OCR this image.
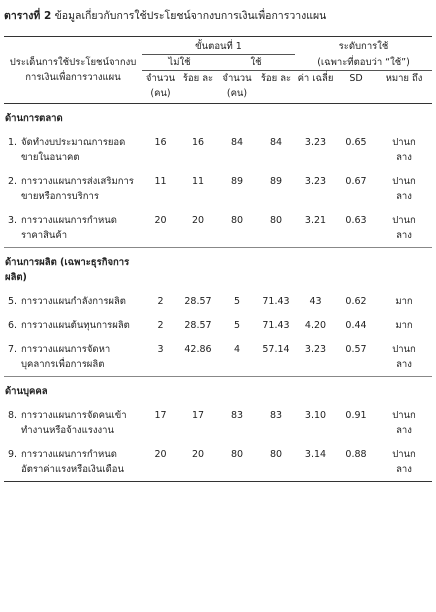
ตารางที่ 2 ข้อมูลเกี่ยวกับการใช้ประโยชน์จากงบการเงินเพื่อการวางแผน

ประเด็นการใช้ประโยชน์จากงบการเงินเพื่อการวางแผน	ขั้นตอนที่ 1				ระดับการใช้		
	ไม่ใช้		ใช้		(เฉพาะที่ตอบว่า “ใช้”)		
	จำนวน (คน)	ร้อย ละ	จำนวน (คน)	ร้อย ละ	ค่า เฉลี่ย	SD	หมาย ถึง

ด้านการตลาด							
1. จัดทำงบประมาณการยอดขายในอนาคต	16	16	84	84	3.23	0.65	ปานกลาง
2. การวางแผนการส่งเสริมการขายหรือการบริการ	11	11	89	89	3.23	0.67	ปานกลาง
3. การวางแผนการกำหนดราคาสินค้า	20	20	80	80	3.21	0.63	ปานกลาง

ด้านการผลิต (เฉพาะธุรกิจการผลิต)							
5. การวางแผนกำลังการผลิต	2	28.57	5	71.43	43	0.62	มาก
6. การวางแผนต้นทุนการผลิต	2	28.57	5	71.43	4.20	0.44	มาก
7. การวางแผนการจัดหาบุคลากรเพื่อการผลิต	3	42.86	4	57.14	3.23	0.57	ปานกลาง

ด้านบุคคล							
8. การวางแผนการจัดคนเข้าทำงานหรือจ้างแรงงาน	17	17	83	83	3.10	0.91	ปานกลาง
9. การวางแผนการกำหนดอัตราค่าแรงหรือเงินเดือน	20	20	80	80	3.14	0.88	ปานกลาง
